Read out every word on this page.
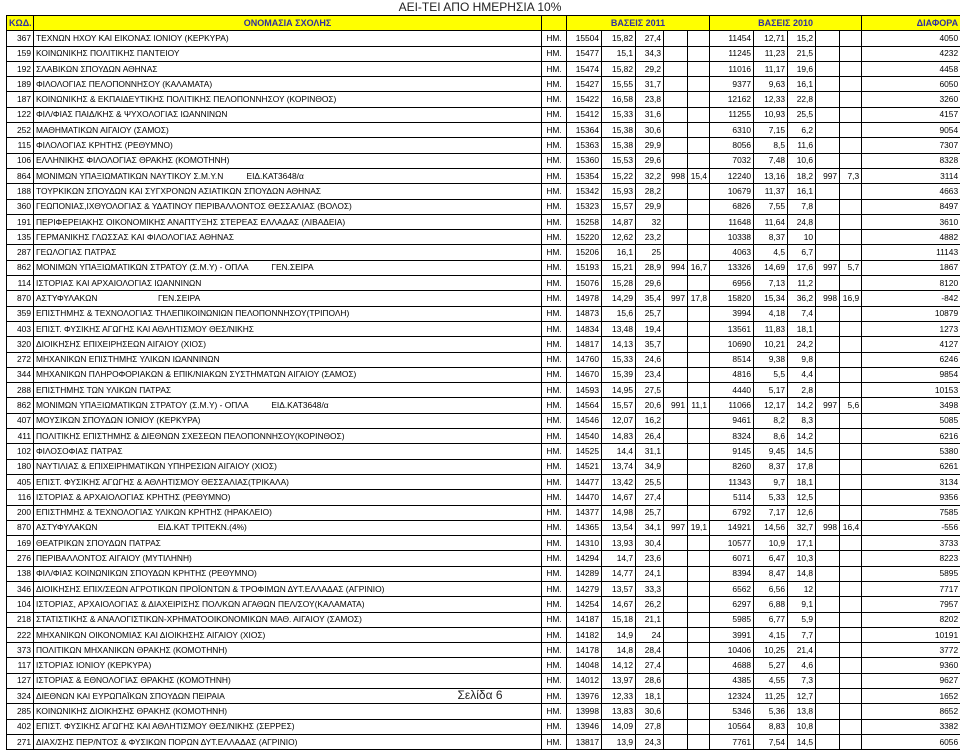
ΑΕΙ-ΤΕΙ ΑΠΟ ΗΜΕΡΗΣΙΑ 10%
ΚΩΔ.	ΟΝΟΜΑΣΙΑ ΣΧΟΛΗΣ		ΒΑΣΕΙΣ 2011					ΒΑΣΕΙΣ 2010					ΔΙΑΦΟΡΑ
367	ΤΕΧΝΩΝ ΗΧΟΥ ΚΑΙ ΕΙΚΟΝΑΣ ΙΟΝΙΟΥ (ΚΕΡΚΥΡΑ)	ΗΜ.	15504	15,82	27,4			11454	12,71	15,2			4050
159	ΚΟΙΝΩΝΙΚΗΣ ΠΟΛΙΤΙΚΗΣ ΠΑΝΤΕΙΟΥ	ΗΜ.	15477	15,1	34,3			11245	11,23	21,5			4232
192	ΣΛΑΒΙΚΩΝ ΣΠΟΥΔΩΝ ΑΘΗΝΑΣ	ΗΜ.	15474	15,82	29,2			11016	11,17	19,6			4458
189	ΦΙΛΟΛΟΓΙΑΣ ΠΕΛΟΠΟΝΝΗΣΟΥ (ΚΑΛΑΜΑΤΑ)	ΗΜ.	15427	15,55	31,7			9377	9,63	16,1			6050
187	ΚΟΙΝΩΝΙΚΗΣ & ΕΚΠΑΙΔΕΥΤΙΚΗΣ ΠΟΛΙΤΙΚΗΣ ΠΕΛΟΠΟΝΝΗΣΟΥ (ΚΟΡΙΝΘΟΣ)	ΗΜ.	15422	16,58	23,8			12162	12,33	22,8			3260
122	ΦΙΛ/ΦΙΑΣ ΠΑΙΔ/ΚΗΣ & ΨΥΧΟΛΟΓΙΑΣ ΙΩΑΝΝΙΝΩΝ	ΗΜ.	15412	15,33	31,6			11255	10,93	25,5			4157
252	ΜΑΘΗΜΑΤΙΚΩΝ ΑΙΓΑΙΟΥ (ΣΑΜΟΣ)	ΗΜ.	15364	15,38	30,6			6310	7,15	6,2			9054
115	ΦΙΛΟΛΟΓΙΑΣ ΚΡΗΤΗΣ (ΡΕΘΥΜΝΟ)	ΗΜ.	15363	15,38	29,9			8056	8,5	11,6			7307
106	ΕΛΛΗΝΙΚΗΣ ΦΙΛΟΛΟΓΙΑΣ ΘΡΑΚΗΣ (ΚΟΜΟΤΗΝΗ)	ΗΜ.	15360	15,53	29,6			7032	7,48	10,6			8328
864	ΜΟΝΙΜΩΝ ΥΠΑΞΙΩΜΑΤΙΚΩΝ ΝΑΥΤΙΚΟΥ Σ.Μ.Υ.Ν          ΕΙΔ.ΚΑΤ3648/α	ΗΜ.	15354	15,22	32,2	998	15,4	12240	13,16	18,2	997	7,3	3114
188	ΤΟΥΡΚΙΚΩΝ ΣΠΟΥΔΩΝ ΚΑΙ ΣΥΓΧΡΟΝΩΝ ΑΣΙΑΤΙΚΩΝ ΣΠΟΥΔΩΝ ΑΘΗΝΑΣ	ΗΜ.	15342	15,93	28,2			10679	11,37	16,1			4663
360	ΓΕΩΠΟΝΙΑΣ,ΙΧΘΥΟΛΟΓΙΑΣ & ΥΔΑΤΙΝΟΥ ΠΕΡΙΒΑΛΛΟΝΤΟΣ ΘΕΣΣΑΛΙΑΣ (ΒΟΛΟΣ)	ΗΜ.	15323	15,57	29,9			6826	7,55	7,8			8497
191	ΠΕΡΙΦΕΡΕΙΑΚΗΣ ΟΙΚΟΝΟΜΙΚΗΣ ΑΝΑΠΤΥΞΗΣ ΣΤΕΡΕΑΣ ΕΛΛΑΔΑΣ (ΛΙΒΑΔΕΙΑ)	ΗΜ.	15258	14,87	32			11648	11,64	24,8			3610
135	ΓΕΡΜΑΝΙΚΗΣ ΓΛΩΣΣΑΣ ΚΑΙ ΦΙΛΟΛΟΓΙΑΣ ΑΘΗΝΑΣ	ΗΜ.	15220	12,62	23,2			10338	8,37	10			4882
287	ΓΕΩΛΟΓΙΑΣ ΠΑΤΡΑΣ	ΗΜ.	15206	16,1	25			4063	4,5	6,7			11143
862	ΜΟΝΙΜΩΝ ΥΠΑΞΙΩΜΑΤΙΚΩΝ ΣΤΡΑΤΟΥ (Σ.Μ.Υ) - ΟΠΛΑ          ΓΕΝ.ΣΕΙΡΑ	ΗΜ.	15193	15,21	28,9	994	16,7	13326	14,69	17,6	997	5,7	1867
114	ΙΣΤΟΡΙΑΣ ΚΑΙ ΑΡΧΑΙΟΛΟΓΙΑΣ ΙΩΑΝΝΙΝΩΝ	ΗΜ.	15076	15,28	29,6			6956	7,13	11,2			8120
870	ΑΣΤΥΦΥΛΑΚΩΝ                          ΓΕΝ.ΣΕΙΡΑ	ΗΜ.	14978	14,29	35,4	997	17,8	15820	15,34	36,2	998	16,9	-842
359	ΕΠΙΣΤΗΜΗΣ & ΤΕΧΝΟΛΟΓΙΑΣ ΤΗΛΕΠΙΚΟΙΝΩΝΙΩΝ ΠΕΛΟΠΟΝΝΗΣΟΥ(ΤΡΙΠΟΛΗ)	ΗΜ.	14873	15,6	25,7			3994	4,18	7,4			10879
403	ΕΠΙΣΤ. ΦΥΣΙΚΗΣ ΑΓΩΓΗΣ ΚΑΙ ΑΘΛΗΤΙΣΜΟΥ ΘΕΣ/ΝΙΚΗΣ	ΗΜ.	14834	13,48	19,4			13561	11,83	18,1			1273
320	ΔΙΟΙΚΗΣΗΣ ΕΠΙΧΕΙΡΗΣΕΩΝ ΑΙΓΑΙΟΥ (ΧΙΟΣ)	ΗΜ.	14817	14,13	35,7			10690	10,21	24,2			4127
272	ΜΗΧΑΝΙΚΩΝ ΕΠΙΣΤΗΜΗΣ ΥΛΙΚΩΝ ΙΩΑΝΝΙΝΩΝ	ΗΜ.	14760	15,33	24,6			8514	9,38	9,8			6246
344	ΜΗΧΑΝΙΚΩΝ ΠΛΗΡΟΦΟΡΙΑΚΩΝ & ΕΠΙΚ/ΝΙΑΚΩΝ ΣΥΣΤΗΜΑΤΩΝ ΑΙΓΑΙΟΥ (ΣΑΜΟΣ)	ΗΜ.	14670	15,39	23,4			4816	5,5	4,4			9854
288	ΕΠΙΣΤΗΜΗΣ ΤΩΝ ΥΛΙΚΩΝ ΠΑΤΡΑΣ	ΗΜ.	14593	14,95	27,5			4440	5,17	2,8			10153
862	ΜΟΝΙΜΩΝ ΥΠΑΞΙΩΜΑΤΙΚΩΝ ΣΤΡΑΤΟΥ (Σ.Μ.Υ) - ΟΠΛΑ          ΕΙΔ.ΚΑΤ3648/α	ΗΜ.	14564	15,57	20,6	991	11,1	11066	12,17	14,2	997	5,6	3498
407	ΜΟΥΣΙΚΩΝ ΣΠΟΥΔΩΝ ΙΟΝΙΟΥ (ΚΕΡΚΥΡΑ)	ΗΜ.	14546	12,07	16,2			9461	8,2	8,3			5085
411	ΠΟΛΙΤΙΚΗΣ ΕΠΙΣΤΗΜΗΣ & ΔΙΕΘΝΩΝ ΣΧΕΣΕΩΝ ΠΕΛΟΠΟΝΝΗΣΟΥ(ΚΟΡΙΝΘΟΣ)	ΗΜ.	14540	14,83	26,4			8324	8,6	14,2			6216
102	ΦΙΛΟΣΟΦΙΑΣ ΠΑΤΡΑΣ	ΗΜ.	14525	14,4	31,1			9145	9,45	14,5			5380
180	ΝΑΥΤΙΛΙΑΣ & ΕΠΙΧΕΙΡΗΜΑΤΙΚΩΝ ΥΠΗΡΕΣΙΩΝ ΑΙΓΑΙΟΥ (ΧΙΟΣ)	ΗΜ.	14521	13,74	34,9			8260	8,37	17,8			6261
405	ΕΠΙΣΤ. ΦΥΣΙΚΗΣ ΑΓΩΓΗΣ & ΑΘΛΗΤΙΣΜΟΥ ΘΕΣΣΑΛΙΑΣ(ΤΡΙΚΑΛΑ)	ΗΜ.	14477	13,42	25,5			11343	9,7	18,1			3134
116	ΙΣΤΟΡΙΑΣ & ΑΡΧΑΙΟΛΟΓΙΑΣ ΚΡΗΤΗΣ (ΡΕΘΥΜΝΟ)	ΗΜ.	14470	14,67	27,4			5114	5,33	12,5			9356
200	ΕΠΙΣΤΗΜΗΣ & ΤΕΧΝΟΛΟΓΙΑΣ ΥΛΙΚΩΝ ΚΡΗΤΗΣ (ΗΡΑΚΛΕΙΟ)	ΗΜ.	14377	14,98	25,7			6792	7,17	12,6			7585
870	ΑΣΤΥΦΥΛΑΚΩΝ                          ΕΙΔ.ΚΑΤ ΤΡΙΤΕΚΝ.(4%)	ΗΜ.	14365	13,54	34,1	997	19,1	14921	14,56	32,7	998	16,4	-556
169	ΘΕΑΤΡΙΚΩΝ ΣΠΟΥΔΩΝ ΠΑΤΡΑΣ	ΗΜ.	14310	13,93	30,4			10577	10,9	17,1			3733
276	ΠΕΡΙΒΑΛΛΟΝΤΟΣ ΑΙΓΑΙΟΥ (ΜΥΤΙΛΗΝΗ)	ΗΜ.	14294	14,7	23,6			6071	6,47	10,3			8223
138	ΦΙΛ/ΦΙΑΣ ΚΟΙΝΩΝΙΚΩΝ ΣΠΟΥΔΩΝ ΚΡΗΤΗΣ (ΡΕΘΥΜΝΟ)	ΗΜ.	14289	14,77	24,1			8394	8,47	14,8			5895
346	ΔΙΟΙΚΗΣΗΣ ΕΠΙΧ/ΣΕΩΝ ΑΓΡΟΤΙΚΩΝ ΠΡΟΪΟΝΤΩΝ & ΤΡΟΦΙΜΩΝ ΔΥΤ.ΕΛΛΑΔΑΣ (ΑΓΡΙΝΙΟ)	ΗΜ.	14279	13,57	33,3			6562	6,56	12			7717
104	ΙΣΤΟΡΙΑΣ, ΑΡΧΑΙΟΛΟΓΙΑΣ & ΔΙΑΧΕΙΡΙΣΗΣ ΠΟΛ/ΚΩΝ ΑΓΑΘΩΝ ΠΕΛ/ΣΟΥ(ΚΑΛΑΜΑΤΑ)	ΗΜ.	14254	14,67	26,2			6297	6,88	9,1			7957
218	ΣΤΑΤΙΣΤΙΚΗΣ & ΑΝΑΛΟΓΙΣΤΙΚΩΝ-ΧΡΗΜΑΤΟΟΙΚΟΝΟΜΙΚΩΝ ΜΑΘ. ΑΙΓΑΙΟΥ (ΣΑΜΟΣ)	ΗΜ.	14187	15,18	21,1			5985	6,77	5,9			8202
222	ΜΗΧΑΝΙΚΩΝ ΟΙΚΟΝΟΜΙΑΣ ΚΑΙ ΔΙΟΙΚΗΣΗΣ ΑΙΓΑΙΟΥ (ΧΙΟΣ)	ΗΜ.	14182	14,9	24			3991	4,15	7,7			10191
373	ΠΟΛΙΤΙΚΩΝ ΜΗΧΑΝΙΚΩΝ ΘΡΑΚΗΣ (ΚΟΜΟΤΗΝΗ)	ΗΜ.	14178	14,8	28,4			10406	10,25	21,4			3772
117	ΙΣΤΟΡΙΑΣ ΙΟΝΙΟΥ (ΚΕΡΚΥΡΑ)	ΗΜ.	14048	14,12	27,4			4688	5,27	4,6			9360
127	ΙΣΤΟΡΙΑΣ & ΕΘΝΟΛΟΓΙΑΣ ΘΡΑΚΗΣ (ΚΟΜΟΤΗΝΗ)	ΗΜ.	14012	13,97	28,6			4385	4,55	7,3			9627
324	ΔΙΕΘΝΩΝ ΚΑΙ ΕΥΡΩΠΑΪΚΩΝ ΣΠΟΥΔΩΝ ΠΕΙΡΑΙΑ	ΗΜ.	13976	12,33	18,1			12324	11,25	12,7			1652
285	ΚΟΙΝΩΝΙΚΗΣ ΔΙΟΙΚΗΣΗΣ ΘΡΑΚΗΣ (ΚΟΜΟΤΗΝΗ)	ΗΜ.	13998	13,83	30,6			5346	5,36	13,8			8652
402	ΕΠΙΣΤ. ΦΥΣΙΚΗΣ ΑΓΩΓΗΣ ΚΑΙ ΑΘΛΗΤΙΣΜΟΥ ΘΕΣ/ΝΙΚΗΣ (ΣΕΡΡΕΣ)	ΗΜ.	13946	14,09	27,8			10564	8,83	10,8			3382
271	ΔΙΑΧ/ΣΗΣ ΠΕΡ/ΝΤΟΣ & ΦΥΣΙΚΩΝ ΠΟΡΩΝ ΔΥΤ.ΕΛΛΑΔΑΣ (ΑΓΡΙΝΙΟ)	ΗΜ.	13817	13,9	24,3			7761	7,54	14,5			6056
Σελίδα 6
